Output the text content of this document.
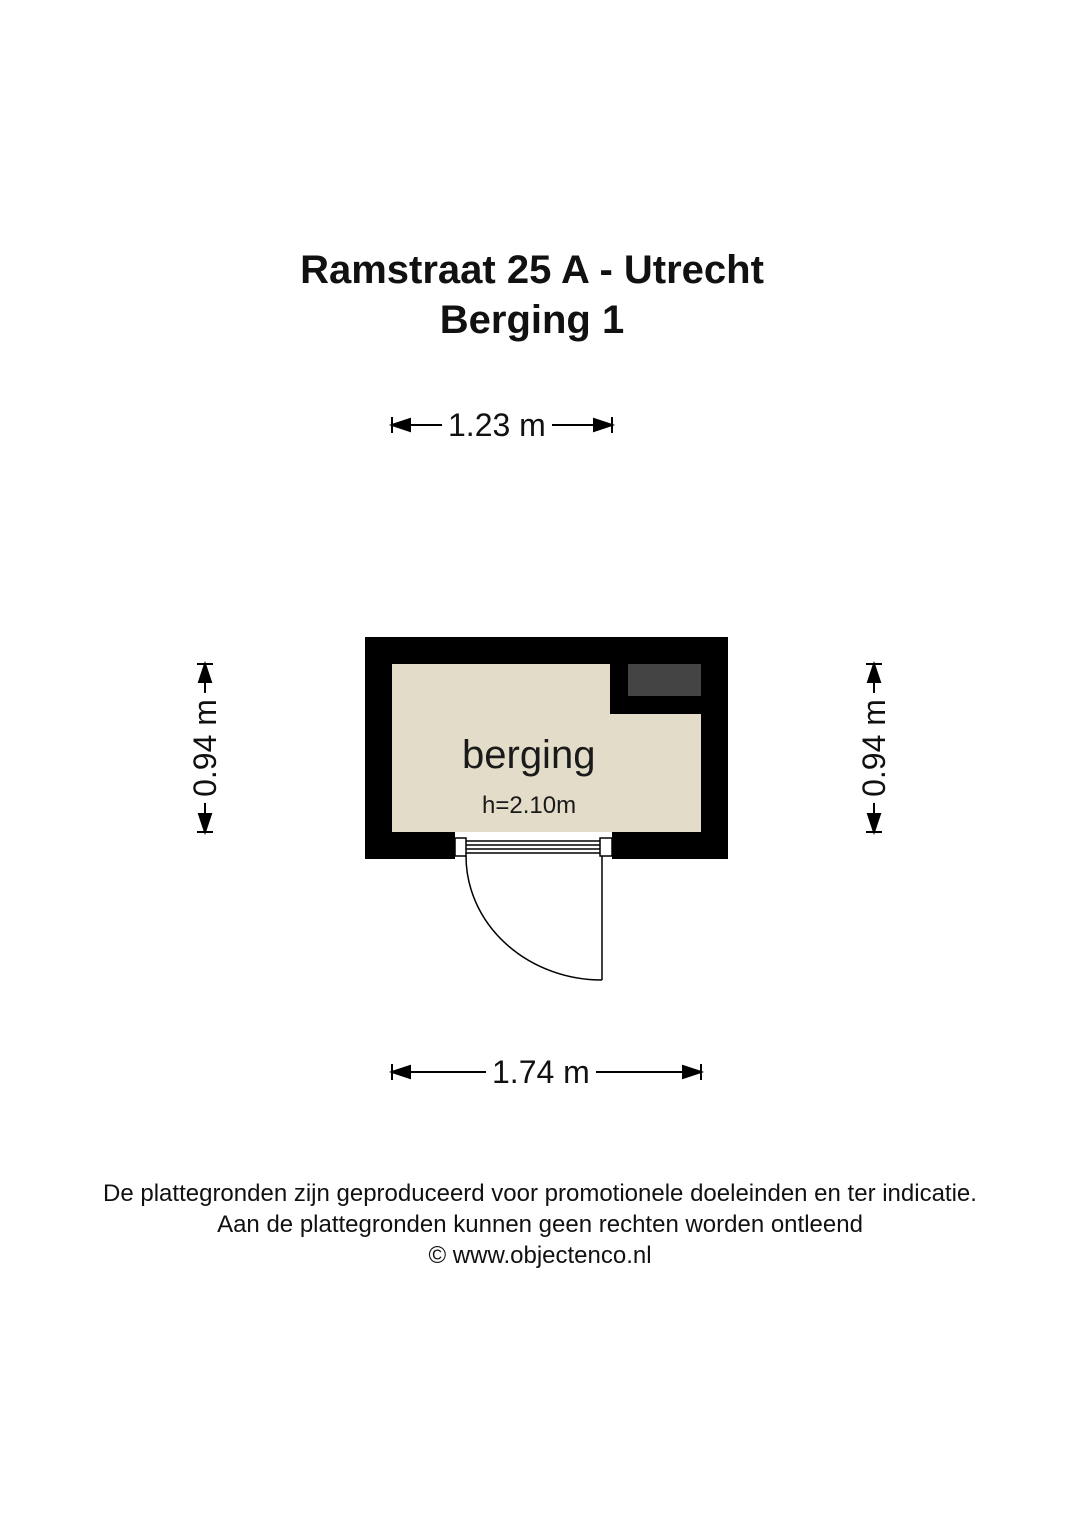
Ramstraat 25 A - Utrecht
Berging 1
1.23 m
1.74 m
0.94 m	0.94 m
berging
h=2.10m
De plattegronden zijn geproduceerd voor promotionele doeleinden en ter indicatie.
Aan de plattegronden kunnen geen rechten worden ontleend
© www.objectenco.nl
